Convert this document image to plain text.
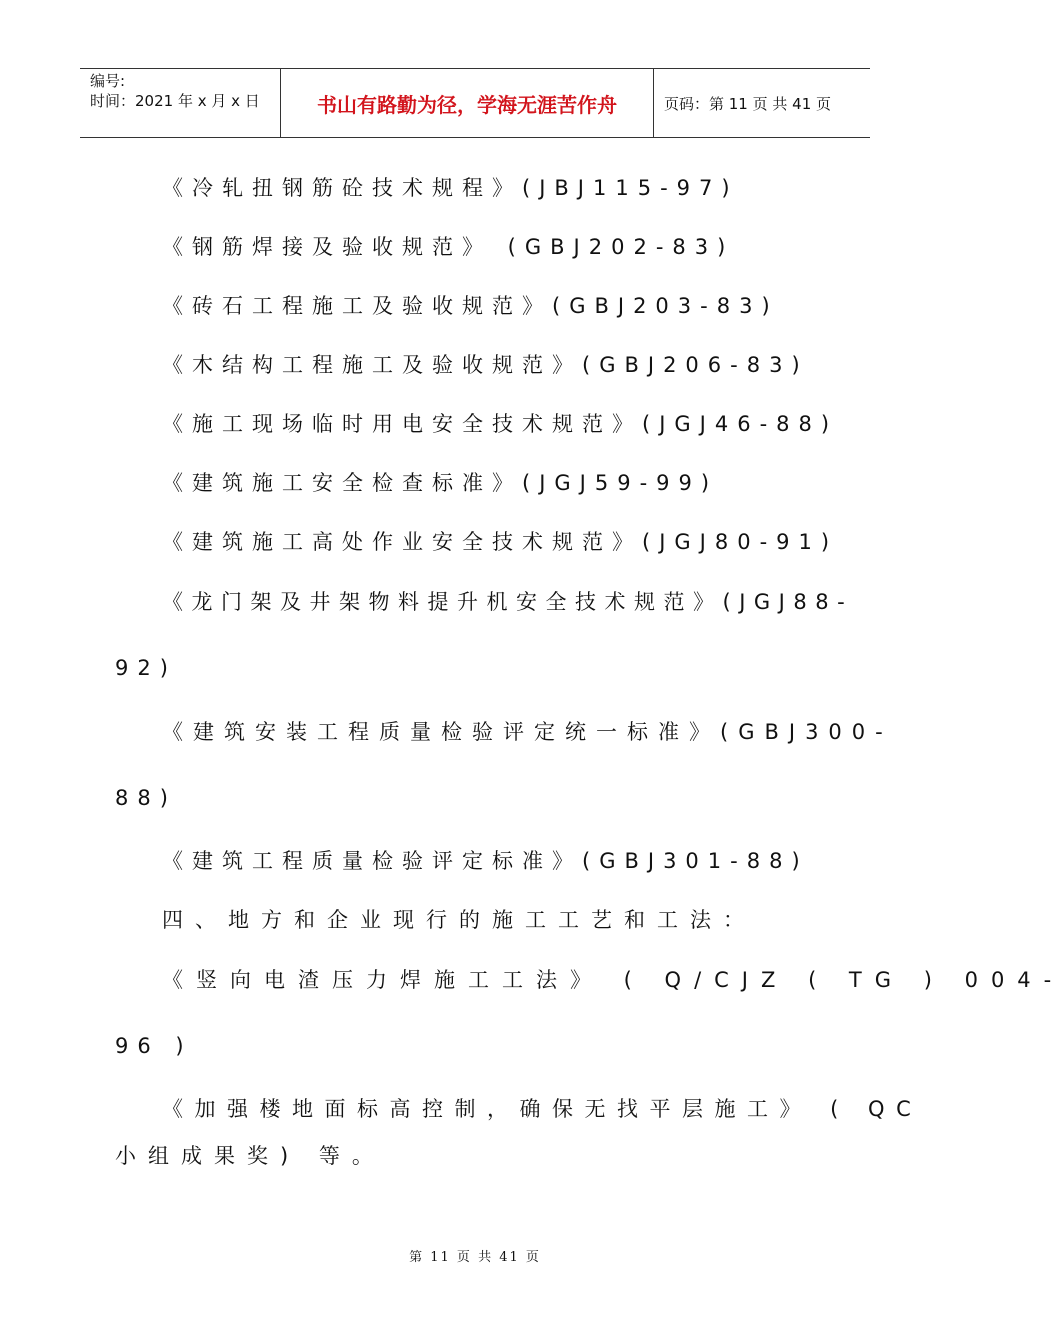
编号:
时间：2021 年 x 月 x 日	书山有路勤为径，学海无涯苦作舟	页码：第 11 页 共 41 页
《冷轧扭钢筋砼技术规程》(JBJ115-97)
《钢筋焊接及验收规范》 (GBJ202-83)
《砖石工程施工及验收规范》(GBJ203-83)
《木结构工程施工及验收规范》(GBJ206-83)
《施工现场临时用电安全技术规范》(JGJ46-88)
《建筑施工安全检查标准》(JGJ59-99)
《建筑施工高处作业安全技术规范》(JGJ80-91)
《龙门架及井架物料提升机安全技术规范》(JGJ88-
92)
《建筑安装工程质量检验评定统一标准》(GBJ300-
88)
《建筑工程质量检验评定标准》(GBJ301-88)
四、地方和企业现行的施工工艺和工法：
《竖向电渣压力焊施工工法》 ( Q/CJZ ( TG ) 004-
96 )
《加强楼地面标高控制，确保无找平层施工》 ( QC
小组成果奖) 等。
第 11 页 共 41 页
